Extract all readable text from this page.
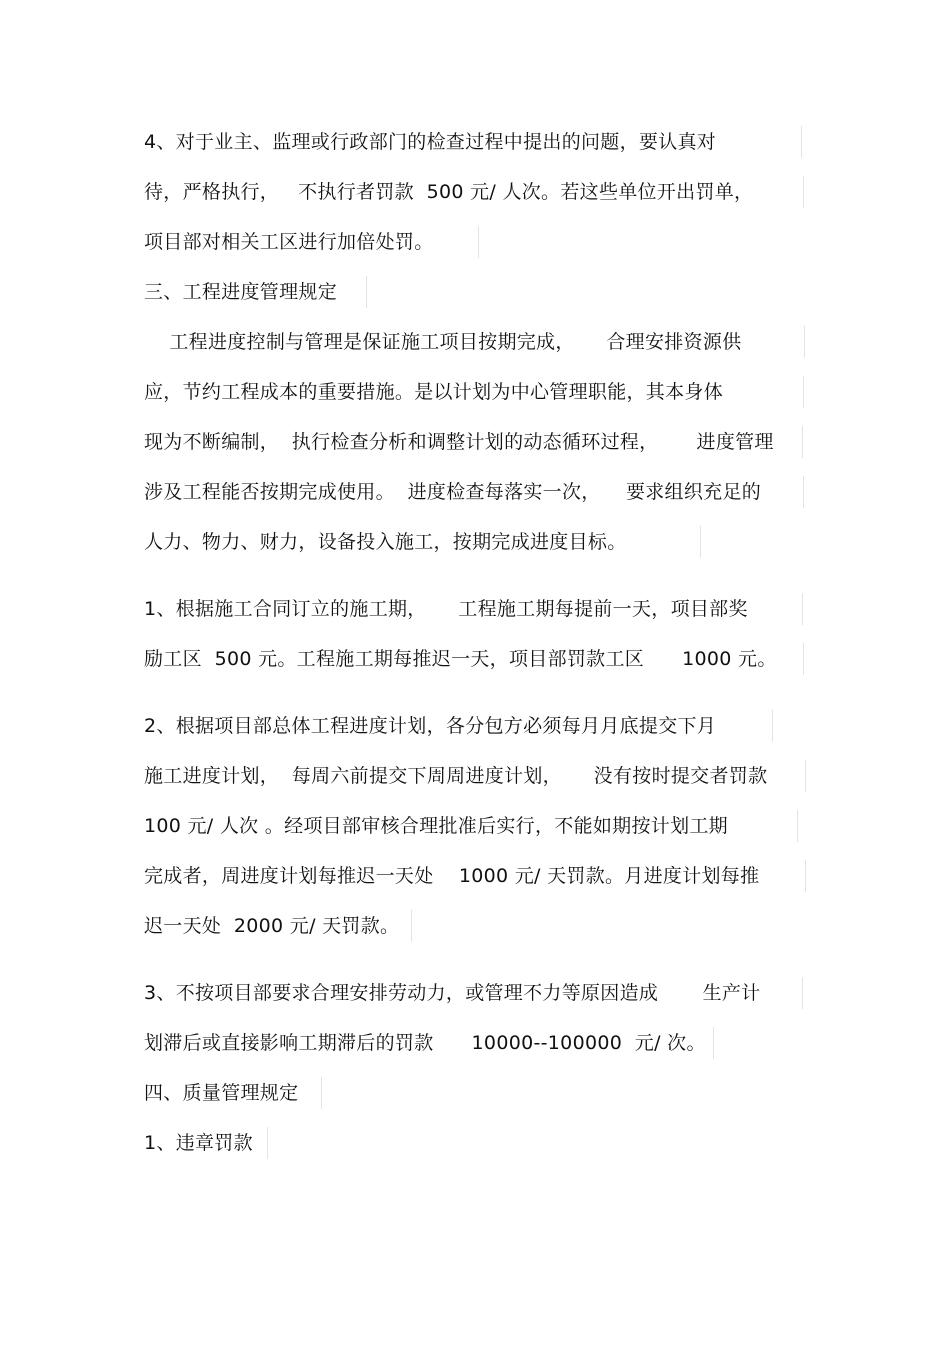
4、对于业主、监理或行政部门的检查过程中提出的问题，要认真对
待，严格执行，   不执行者罚款  500 元/ 人次。若这些单位开出罚单，
项目部对相关工区进行加倍处罚。
三、工程进度管理规定
工程进度控制与管理是保证施工项目按期完成，     合理安排资源供
应，节约工程成本的重要措施。是以计划为中心管理职能，其本身体
现为不断编制，  执行检查分析和调整计划的动态循环过程，      进度管理
涉及工程能否按期完成使用。  进度检查每落实一次，    要求组织充足的
人力、物力、财力，设备投入施工，按期完成进度目标。
1、根据施工合同订立的施工期，     工程施工期每提前一天，项目部奖
励工区  500 元。工程施工期每推迟一天，项目部罚款工区      1000 元。
2、根据项目部总体工程进度计划，各分包方必须每月月底提交下月
施工进度计划，  每周六前提交下周周进度计划，     没有按时提交者罚款
100 元/ 人次 。经项目部审核合理批准后实行，不能如期按计划工期
完成者，周进度计划每推迟一天处    1000 元/ 天罚款。月进度计划每推
迟一天处  2000 元/ 天罚款。
3、不按项目部要求合理安排劳动力，或管理不力等原因造成       生产计
划滞后或直接影响工期滞后的罚款      10000--100000  元/ 次。
四、质量管理规定
1、违章罚款
